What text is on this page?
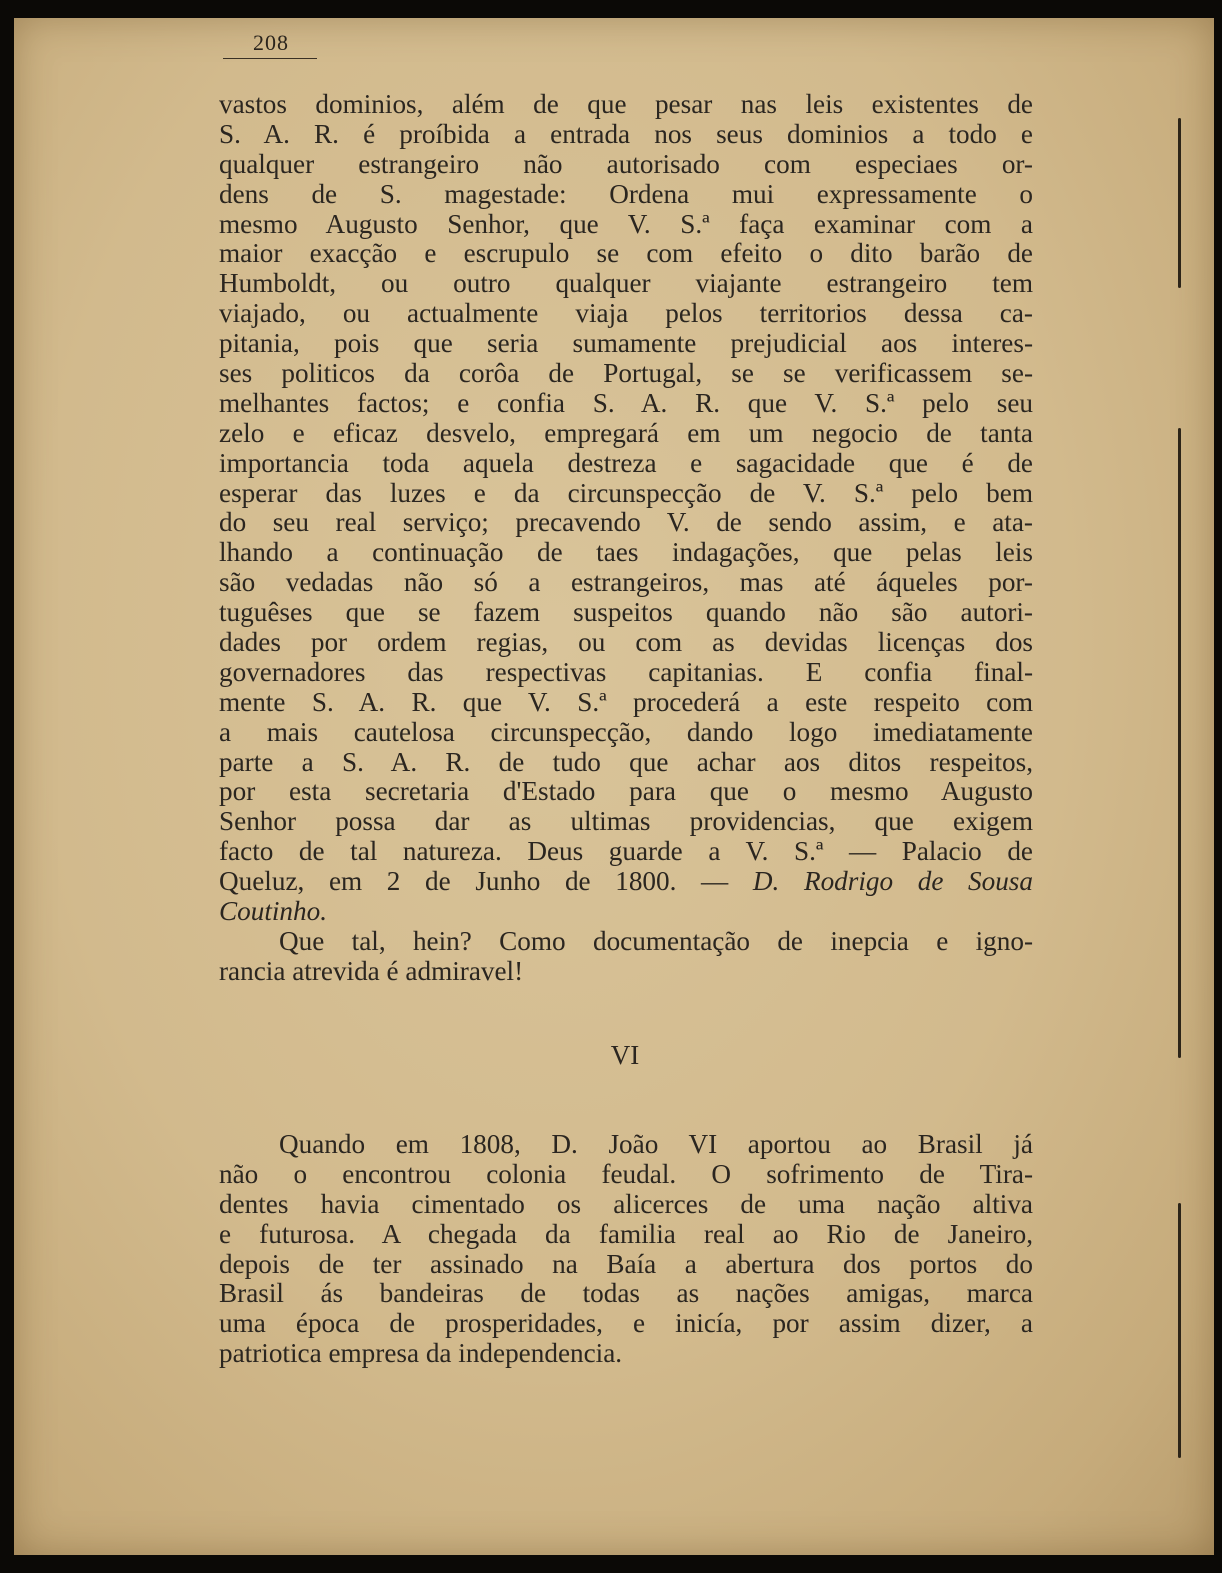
208
vastos dominios, além de que pesar nas leis existentes de
S. A. R. é proíbida a entrada nos seus dominios a todo e
qualquer estrangeiro não autorisado com especiaes or-
dens de S. magestade: Ordena mui expressamente o
mesmo Augusto Senhor, que V. S.ª faça examinar com a
maior exacção e escrupulo se com efeito o dito barão de
Humboldt, ou outro qualquer viajante estrangeiro tem
viajado, ou actualmente viaja pelos territorios dessa ca-
pitania, pois que seria sumamente prejudicial aos interes-
ses politicos da corôa de Portugal, se se verificassem se-
melhantes factos; e confia S. A. R. que V. S.ª pelo seu
zelo e eficaz desvelo, empregará em um negocio de tanta
importancia toda aquela destreza e sagacidade que é de
esperar das luzes e da circunspecção de V. S.ª pelo bem
do seu real serviço; precavendo V. de sendo assim, e ata-
lhando a continuação de taes indagações, que pelas leis
são vedadas não só a estrangeiros, mas até áqueles por-
tuguêses que se fazem suspeitos quando não são autori-
dades por ordem regias, ou com as devidas licenças dos
governadores das respectivas capitanias. E confia final-
mente S. A. R. que V. S.ª procederá a este respeito com
a mais cautelosa circunspecção, dando logo imediatamente
parte a S. A. R. de tudo que achar aos ditos respeitos,
por esta secretaria d'Estado para que o mesmo Augusto
Senhor possa dar as ultimas providencias, que exigem
facto de tal natureza. Deus guarde a V. S.ª — Palacio de
Queluz, em 2 de Junho de 1800. — D. Rodrigo de Sousa
Coutinho.
Que tal, hein? Como documentação de inepcia e igno-
rancia atrevida é admiravel!
VI
Quando em 1808, D. João VI aportou ao Brasil já
não o encontrou colonia feudal. O sofrimento de Tira-
dentes havia cimentado os alicerces de uma nação altiva
e futurosa. A chegada da familia real ao Rio de Janeiro,
depois de ter assinado na Baía a abertura dos portos do
Brasil ás bandeiras de todas as nações amigas, marca
uma época de prosperidades, e inicía, por assim dizer, a
patriotica empresa da independencia.
